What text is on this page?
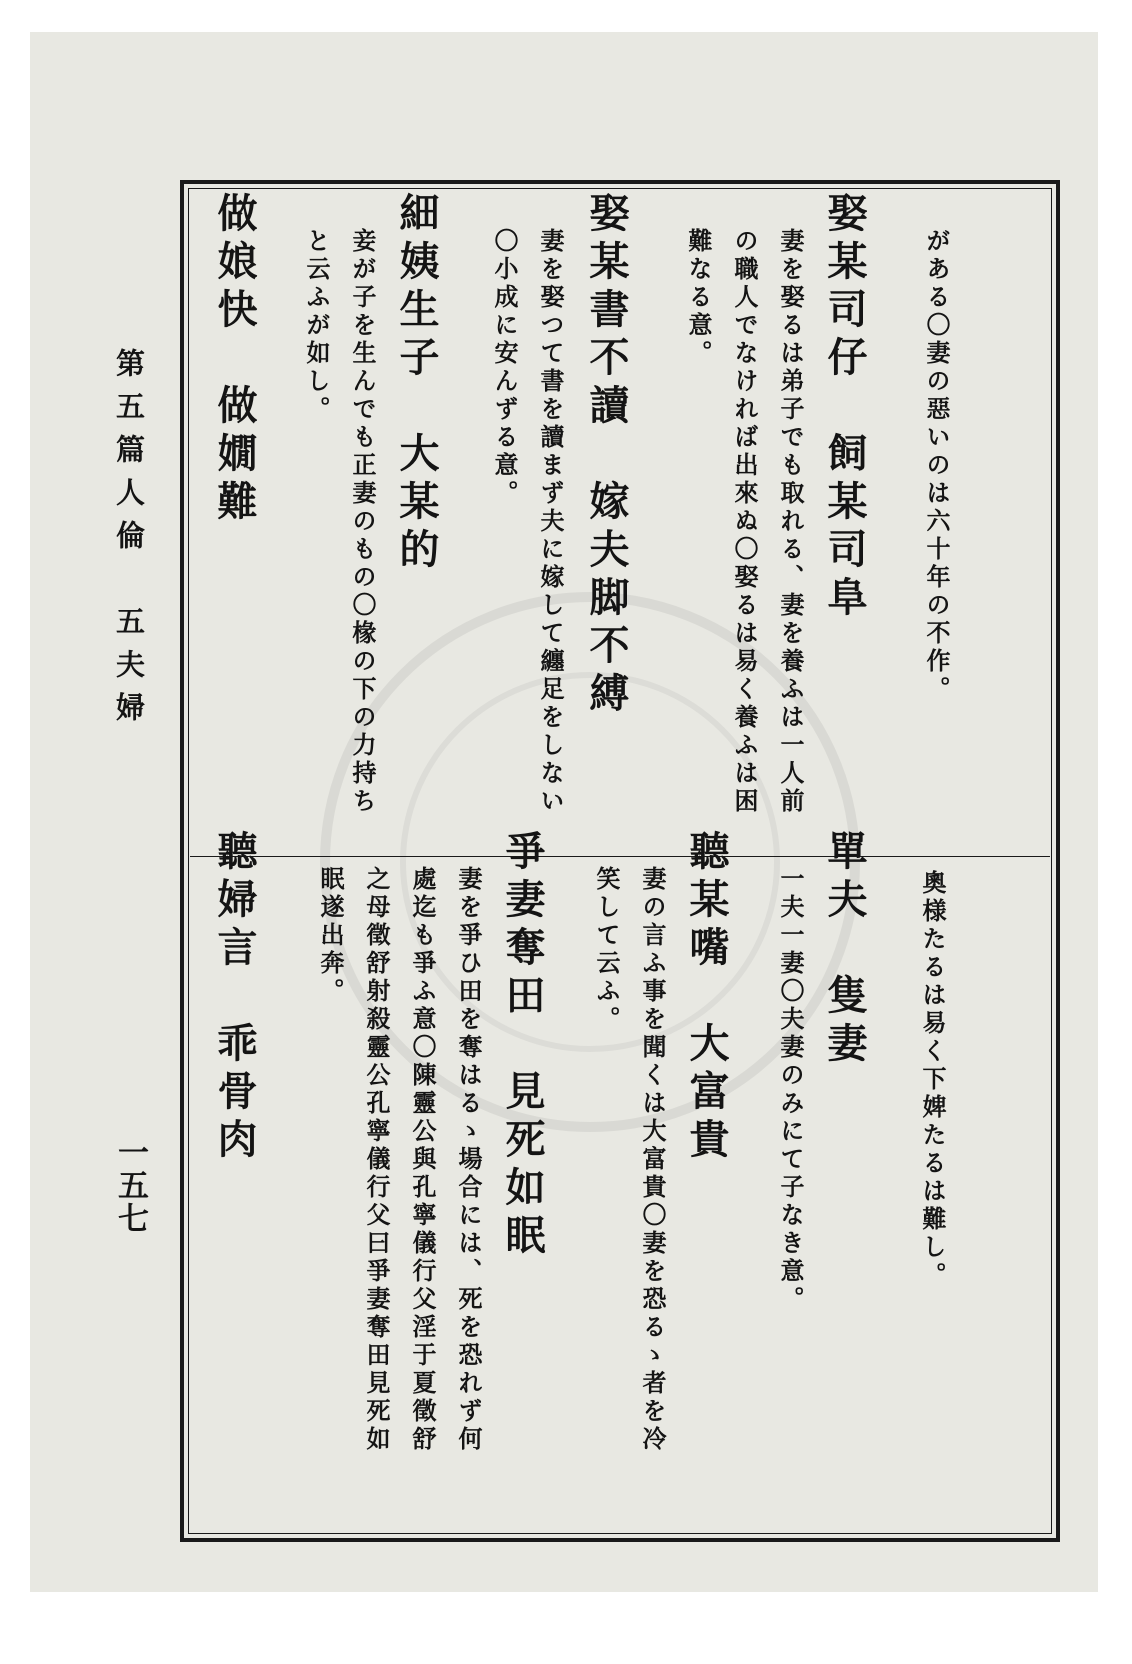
第五篇人倫　五夫婦
一五七
がある〇妻の惡いのは六十年の不作。
娶某司仔　飼某司阜
妻を娶るは弟子でも取れる、妻を養ふは一人前
の職人でなければ出來ぬ〇娶るは易く養ふは困
難なる意。
娶某書不讀　嫁夫脚不縛
妻を娶つて書を讀まず夫に嫁して纏足をしない
〇小成に安んずる意。
細姨生子　大某的
妾が子を生んでも正妻のもの〇椽の下の力持ち
と云ふが如し。
做娘快　做嫺難
奧様たるは易く下婢たるは難し。
單夫　隻妻
一夫一妻〇夫妻のみにて子なき意。
聽某嘴　大富貴
妻の言ふ事を聞くは大富貴〇妻を恐るゝ者を冷
笑して云ふ。
爭妻奪田　見死如眠
妻を爭ひ田を奪はるゝ場合には、死を恐れず何
處迄も爭ふ意〇陳靈公與孔寧儀行父淫于夏徵舒
之母徵舒射殺靈公孔寧儀行父曰爭妻奪田見死如
眠遂出奔。
聽婦言　乖骨肉
